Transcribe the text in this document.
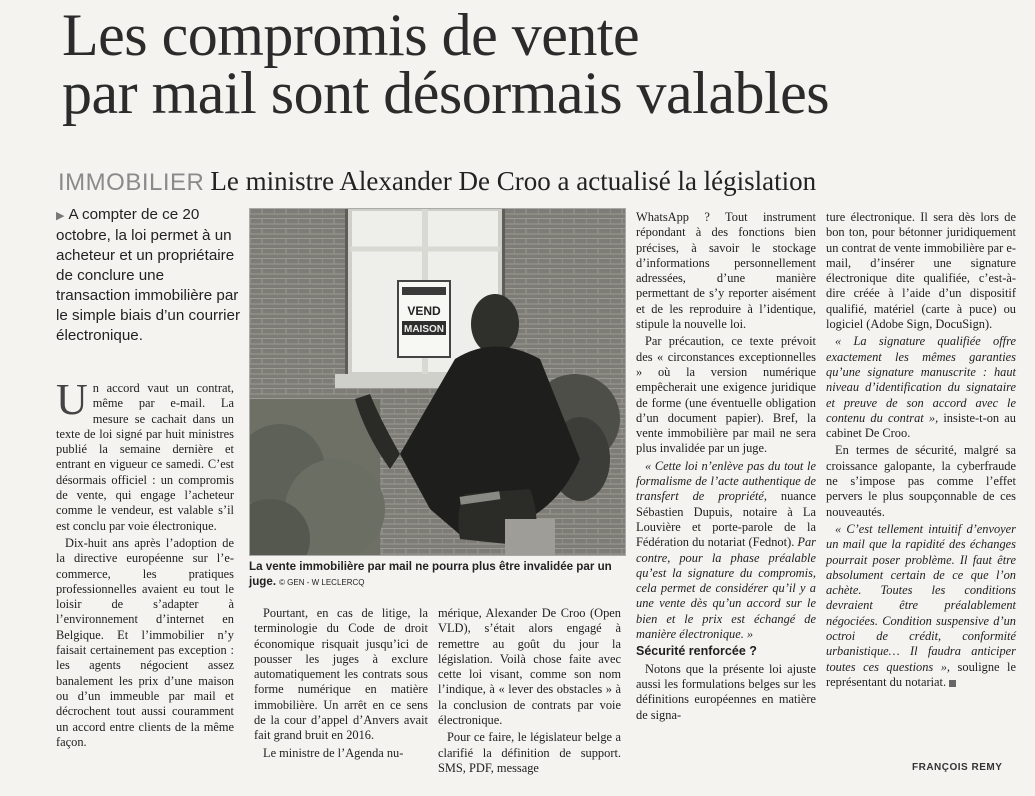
Les compromis de vente
par mail sont désormais valables
IMMOBILIER Le ministre Alexander De Croo a actualisé la législation
▶ A compter de ce 20 octobre, la loi permet à un acheteur et un propriétaire de conclure une transaction immobilière par le simple biais d’un courrier électronique.

Un accord vaut un contrat, même par e-mail. La mesure se cachait dans un texte de loi signé par huit ministres publié la semaine dernière et entrant en vigueur ce samedi. C’est désormais officiel : un compromis de vente, qui engage l’acheteur comme le vendeur, est valable s’il est conclu par voie électronique.

Dix-huit ans après l’adoption de la directive européenne sur l’e-commerce, les pratiques professionnelles avaient eu tout le loisir de s’adapter à l’environnement d’internet en Belgique. Et l’immobilier n’y faisait certainement pas exception : les agents négocient assez banalement les prix d’une maison ou d’un immeuble par mail et décrochent tout aussi couramment un accord entre clients de la même façon.

VEND
MAISON
La vente immobilière par mail ne pourra plus être invalidée par un juge. © GEN - W LECLERCQ

Pourtant, en cas de litige, la terminologie du Code de droit économique risquait jusqu’ici de pousser les juges à exclure automatiquement les contrats sous forme numérique en matière immobilière. Un arrêt en ce sens de la cour d’appel d’Anvers avait fait grand bruit en 2016.

Le ministre de l’Agenda nu-

mérique, Alexander De Croo (Open VLD), s’était alors engagé à remettre au goût du jour la législation. Voilà chose faite avec cette loi visant, comme son nom l’indique, à « lever des obstacles » à la conclusion de contrats par voie électronique.

Pour ce faire, le législateur belge a clarifié la définition de support. SMS, PDF, message

WhatsApp ? Tout instrument répondant à des fonctions bien précises, à savoir le stockage d’informations personnellement adressées, d’une manière permettant de s’y reporter aisément et de les reproduire à l’identique, stipule la nouvelle loi.

Par précaution, ce texte prévoit des « circonstances exceptionnelles » où la version numérique empêcherait une exigence juridique de forme (une éventuelle obligation d’un document papier). Bref, la vente immobilière par mail ne sera plus invalidée par un juge.

« Cette loi n’enlève pas du tout le formalisme de l’acte authentique de transfert de propriété, nuance Sébastien Dupuis, notaire à La Louvière et porte-parole de la Fédération du notariat (Fednot). Par contre, pour la phase préalable qu’est la signature du compromis, cela permet de considérer qu’il y a une vente dès qu’un accord sur le bien et le prix est échangé de manière électronique. »

Sécurité renforcée ?

Notons que la présente loi ajuste aussi les formulations belges sur les définitions européennes en matière de signa-

ture électronique. Il sera dès lors de bon ton, pour bétonner juridiquement un contrat de vente immobilière par e-mail, d’insérer une signature électronique dite qualifiée, c’est-à-dire créée à l’aide d’un dispositif qualifié, matériel (carte à puce) ou logiciel (Adobe Sign, DocuSign).

« La signature qualifiée offre exactement les mêmes garanties qu’une signature manuscrite : haut niveau d’identification du signataire et preuve de son accord avec le contenu du contrat », insiste-t-on au cabinet De Croo.

En termes de sécurité, malgré sa croissance galopante, la cyberfraude ne s’impose pas comme l’effet pervers le plus soupçonnable de ces nouveautés.

« C’est tellement intuitif d’envoyer un mail que la rapidité des échanges pourrait poser problème. Il faut être absolument certain de ce que l’on achète. Toutes les conditions devraient être préalablement négociées. Condition suspensive d’un octroi de crédit, conformité urbanistique… Il faudra anticiper toutes ces questions », souligne le représentant du notariat.

FRANÇOIS REMY
